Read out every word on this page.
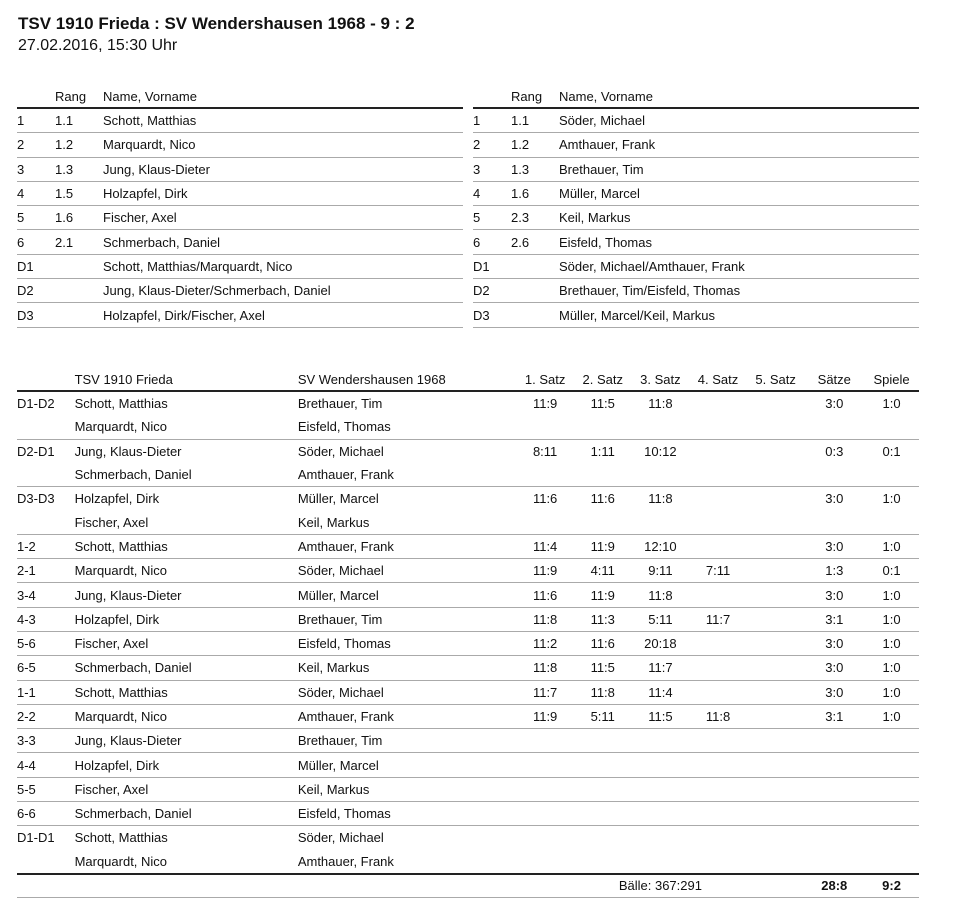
TSV 1910 Frieda : SV Wendershausen 1968 - 9 : 2
27.02.2016, 15:30 Uhr
	Rang	Name, Vorname
1	1.1	Schott, Matthias
2	1.2	Marquardt, Nico
3	1.3	Jung, Klaus-Dieter
4	1.5	Holzapfel, Dirk
5	1.6	Fischer, Axel
6	2.1	Schmerbach, Daniel
D1		Schott, Matthias/Marquardt, Nico
D2		Jung, Klaus-Dieter/Schmerbach, Daniel
D3		Holzapfel, Dirk/Fischer, Axel
	Rang	Name, Vorname
1	1.1	Söder, Michael
2	1.2	Amthauer, Frank
3	1.3	Brethauer, Tim
4	1.6	Müller, Marcel
5	2.3	Keil, Markus
6	2.6	Eisfeld, Thomas
D1		Söder, Michael/Amthauer, Frank
D2		Brethauer, Tim/Eisfeld, Thomas
D3		Müller, Marcel/Keil, Markus
	TSV 1910 Frieda	SV Wendershausen 1968	1. Satz	2. Satz	3. Satz	4. Satz	5. Satz	Sätze	Spiele
D1-D2	Schott, Matthias	Brethauer, Tim	11:9	11:5	11:8			3:0	1:0
	Marquardt, Nico	Eisfeld, Thomas							
D2-D1	Jung, Klaus-Dieter	Söder, Michael	8:11	1:11	10:12			0:3	0:1
	Schmerbach, Daniel	Amthauer, Frank							
D3-D3	Holzapfel, Dirk	Müller, Marcel	11:6	11:6	11:8			3:0	1:0
	Fischer, Axel	Keil, Markus							
1-2	Schott, Matthias	Amthauer, Frank	11:4	11:9	12:10			3:0	1:0
2-1	Marquardt, Nico	Söder, Michael	11:9	4:11	9:11	7:11		1:3	0:1
3-4	Jung, Klaus-Dieter	Müller, Marcel	11:6	11:9	11:8			3:0	1:0
4-3	Holzapfel, Dirk	Brethauer, Tim	11:8	11:3	5:11	11:7		3:1	1:0
5-6	Fischer, Axel	Eisfeld, Thomas	11:2	11:6	20:18			3:0	1:0
6-5	Schmerbach, Daniel	Keil, Markus	11:8	11:5	11:7			3:0	1:0
1-1	Schott, Matthias	Söder, Michael	11:7	11:8	11:4			3:0	1:0
2-2	Marquardt, Nico	Amthauer, Frank	11:9	5:11	11:5	11:8		3:1	1:0
3-3	Jung, Klaus-Dieter	Brethauer, Tim							
4-4	Holzapfel, Dirk	Müller, Marcel							
5-5	Fischer, Axel	Keil, Markus							
6-6	Schmerbach, Daniel	Eisfeld, Thomas							
D1-D1	Schott, Matthias	Söder, Michael							
	Marquardt, Nico	Amthauer, Frank							
			Bälle: 367:291					28:8	9:2
